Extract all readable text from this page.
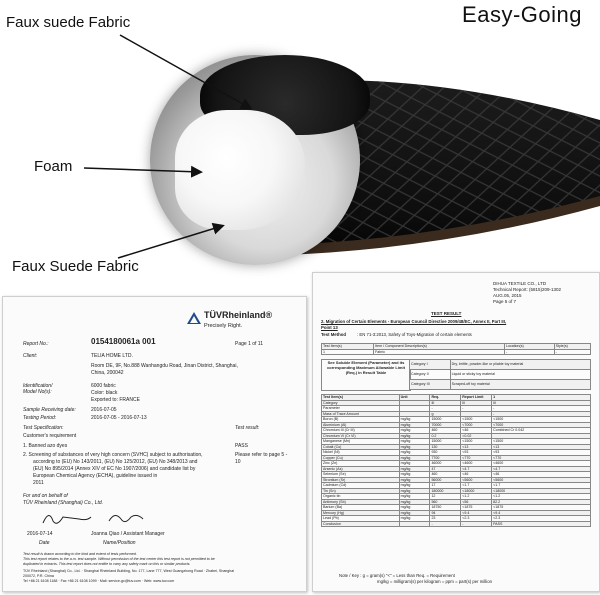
Easy-Going
Faux suede Fabric
Foam
Faux Suede Fabric
TÜVRheinland®
Precisely Right.
Report No.:	0154180061a 001	Page 1 of 11
Client:	TELIA HOME LTD.
Room DE, 9F, No.888 Wanhangdu Road, Jinan District, Shanghai,
China, 200042
Identification/
Model No(s):
6000 fabric
Color: black
Exported to: FRANCE
Sample Receiving date:	2016-07-05
Testing Period:	2016-07-05 - 2016-07-13
Test Specification:	Test result:
Customer's requirement
1. Banned azo dyes	PASS
2. Screening of substances of very high concern (SVHC) subject to authorisation,
according to (EU) No 143/2011, (EU) No 125/2012, (EU) No 348/2013 and
(EU) No 895/2014 (Annex XIV of EC No 1907/2006) and candidate list by
European Chemical Agency (ECHA), guideline issued in
2011
Please refer to page 5 -
10
For and on behalf of
TÜV Rheinland (Shanghai) Co., Ltd.
2016-07-14	Joanna Qiao / Assistant Manager
Date	Name/Position
Test result is drawn according to the kind and extent of tests performed.
This test report relates to the a.m. test sample. Without permission of the test center this test report is not permitted to be
duplicated in extracts. This test report does not entitle to carry any safety mark on this or similar products.
TÜV Rheinland (Shanghai) Co., Ltd. · Shanghai Rheinland Building, No. 177, Lane 777, West Guangzhong Road · Zhabei, Shanghai
200072, P.R. China
Tel +86 21 6108 1188 · Fax +86 21 6108 1099 · Mail: service-gc@tuv.com · Web: www.tuv.com
DIHUA TEXTILE CO., LTD
Technical Report: (5815)209-1302
AUG.05, 2015
Page 5 of 7
TEST RESULT
2. Migration of Certain Elements - European Council Directive 2009/48/EC, Annex II, Part III,
Point 13
Test Method	: EN 71-3:2013, Safety of Toys-Migration of certain elements
Test Item(s)	Item / Component Description(s)	Location(s)	Style(s)
1	Fabric	-	-
See Soluble Element (Parameter) and its corresponding Maximum Allowable Limit (Req.) in Result Table
Category I	Dry, brittle, powder-like or pliable toy material
Category II	Liquid or sticky toy material
Category III	Scraped-off toy material
Test Item(s)	Unit	Req.	Report Limit	1
Category		III	III	III
Parameter		-	-	-
Mass of Trace Amount		g		-
Boron (B)	mg/kg	15000	<1500	<1500
Aluminium (Al)	mg/kg	70000	<7000	<7000
Chromium III (Cr III)	mg/kg	460	<46	Combined Cr 0.042
Chromium VI (Cr VI)	mg/kg	0.2	<0.02	
Manganese (Mn)	mg/kg	15000	<1500	<1500
Cobalt (Co)	mg/kg	130	<13	<13
Nickel (Ni)	mg/kg	930	<93	<93
Copper (Cu)	mg/kg	7700	<770	<770
Zinc (Zn)	mg/kg	46000	<4600	<4600
Arsenic (As)	mg/kg	47	<4.7	<4.7
Selenium (Se)	mg/kg	460	<46	<46
Strontium (Sr)	mg/kg	56000	<5600	<5600
Cadmium (Cd)	mg/kg	17	<1.7	<1.7
Tin (Sn)	mg/kg	180000	<18000	<18000
Organic tin	mg/kg	12	<1.2	<1.2
Antimony (Sb)	mg/kg	560	<56	82.2
Barium (Ba)	mg/kg	18750	<1875	<1875
Mercury (Hg)	mg/kg	94	<9.4	<9.4
Lead (Pb)	mg/kg	23	<2.3	<2.3
Conclusion		-	-	PASS
Note / Key : g = gram(s) "<" = Less than Req. = Requirement
mg/kg = milligram(s) per kilogram = ppm = part(s) per million
